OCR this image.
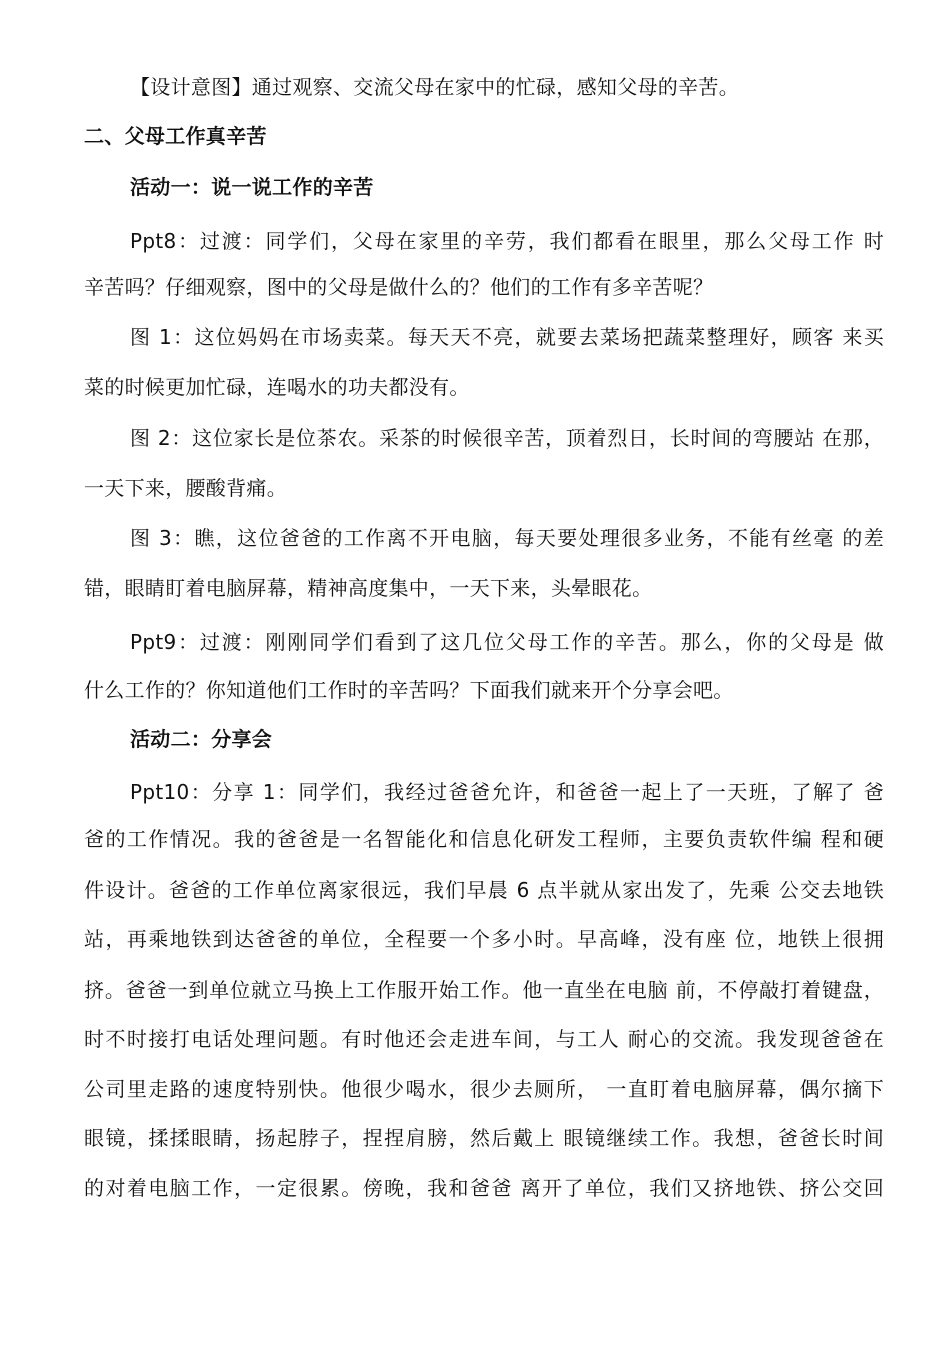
【设计意图】通过观察、交流父母在家中的忙碌，感知父母的辛苦。
二、父母工作真辛苦
活动一：说一说工作的辛苦
Ppt8：过渡：同学们，父母在家里的辛劳，我们都看在眼里，那么父母工作 时
辛苦吗？仔细观察，图中的父母是做什么的？他们的工作有多辛苦呢？
图 1：这位妈妈在市场卖菜。每天天不亮，就要去菜场把蔬菜整理好，顾客 来买
菜的时候更加忙碌，连喝水的功夫都没有。
图 2：这位家长是位茶农。采茶的时候很辛苦，顶着烈日，长时间的弯腰站 在那，
一天下来，腰酸背痛。
图 3：瞧，这位爸爸的工作离不开电脑，每天要处理很多业务，不能有丝毫 的差
错，眼睛盯着电脑屏幕，精神高度集中，一天下来，头晕眼花。
Ppt9：过渡：刚刚同学们看到了这几位父母工作的辛苦。那么，你的父母是 做
什么工作的？你知道他们工作时的辛苦吗？下面我们就来开个分享会吧。
活动二：分享会
Ppt10：分享 1：同学们，我经过爸爸允许，和爸爸一起上了一天班，了解了 爸
爸的工作情况。我的爸爸是一名智能化和信息化研发工程师，主要负责软件编 程和硬
件设计。爸爸的工作单位离家很远，我们早晨 6 点半就从家出发了，先乘 公交去地铁
站，再乘地铁到达爸爸的单位，全程要一个多小时。早高峰，没有座 位，地铁上很拥
挤。爸爸一到单位就立马换上工作服开始工作。他一直坐在电脑 前，不停敲打着键盘，
时不时接打电话处理问题。有时他还会走进车间，与工人 耐心的交流。我发现爸爸在
公司里走路的速度特别快。他很少喝水，很少去厕所， 一直盯着电脑屏幕，偶尔摘下
眼镜，揉揉眼睛，扬起脖子，捏捏肩膀，然后戴上 眼镜继续工作。我想，爸爸长时间
的对着电脑工作，一定很累。傍晚，我和爸爸 离开了单位，我们又挤地铁、挤公交回
